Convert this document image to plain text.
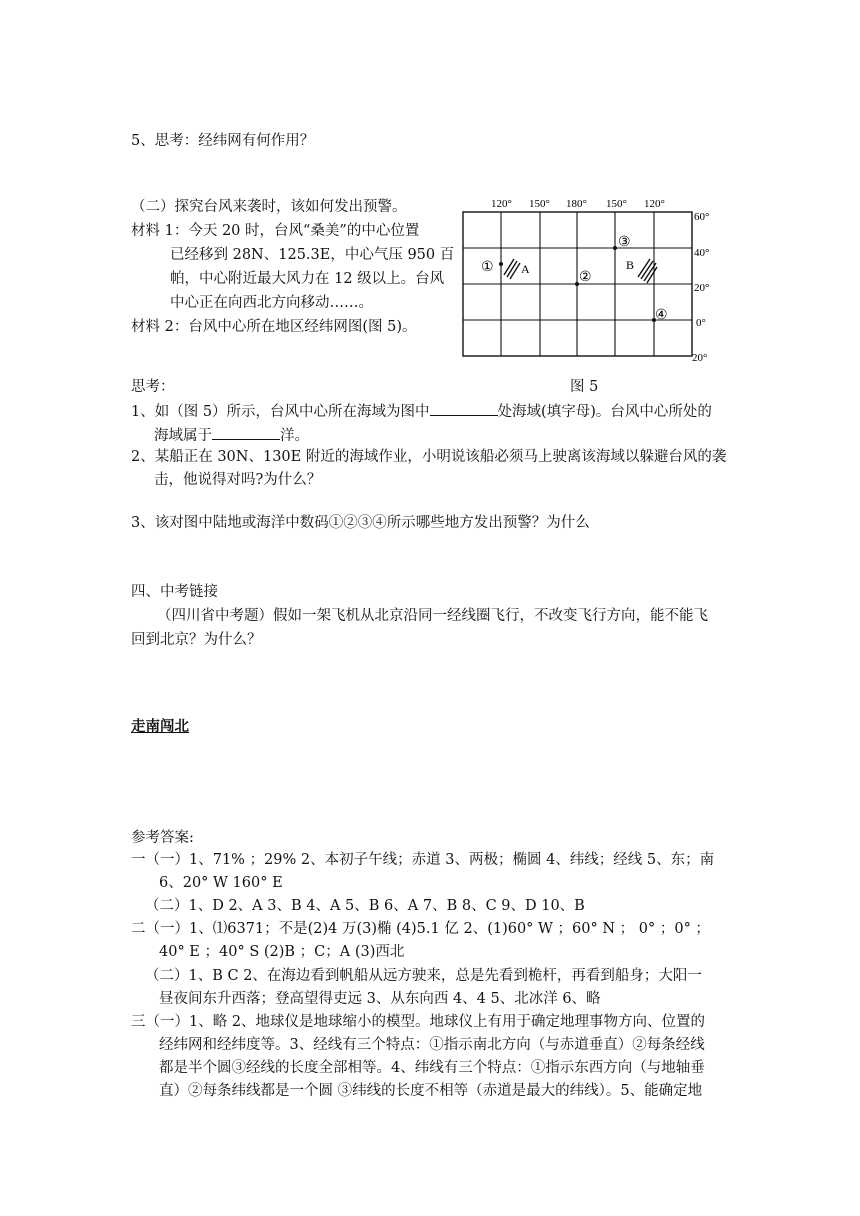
5、思考：经纬网有何作用？
（二）探究台风来袭时，该如何发出预警。
材料 1：今天 20 时，台风“桑美”的中心位置
已经移到 28N、125.3E，中心气压 950 百
帕，中心附近最大风力在 12 级以上。台风
中心正在向西北方向移动……。
材料 2：台风中心所在地区经纬网图(图 5)。
120° 150° 180° 150° 120°
60°
40°
20°
0°
20°
① A
②
③
B
④
思考：	图 5
1、如（图 5）所示，台风中心所在海域为图中	处海域(填字母)。台风中心所处的
海域属于	洋。
2、某船正在 30N、130E 附近的海域作业，小明说该船必须马上驶离该海域以躲避台风的袭
击，他说得对吗?为什么？
3、该对图中陆地或海洋中数码①②③④所示哪些地方发出预警？为什么
四、中考链接
（四川省中考题）假如一架飞机从北京沿同一经线圈飞行，不改变飞行方向，能不能飞
回到北京？为什么？
走南闯北
参考答案:
一（一）1、71% ；29% 2、本初子午线；赤道 3、两极；椭圆 4、纬线；经线 5、东；南
6、20° W 160° E
（二）1、D 2、A 3、B 4、A 5、B 6、A 7、B 8、C 9、D 10、B
二（一）1、⑴6371；不是(2)4 万(3)椭 (4)5.1 亿 2、(1)60° W ；60° N ； 0° ；0° ；
40° E ；40° S (2)B ；C；A (3)西北
（二）1、B C 2、在海边看到帆船从远方驶来，总是先看到桅杆，再看到船身；大阳一
昼夜间东升西落；登高望得吏远 3、从东向西 4、4 5、北冰洋 6、略
三（一）1、略 2、地球仪是地球缩小的模型。地球仪上有用于确定地理事物方向、位置的
经纬网和经纬度等。3、经线有三个特点：①指示南北方向（与赤道垂直）②每条经线
都是半个圆③经线的长度全部相等。4、纬线有三个特点：①指示东西方向（与地轴垂
直）②每条纬线都是一个圆 ③纬线的长度不相等（赤道是最大的纬线）。5、能确定地
